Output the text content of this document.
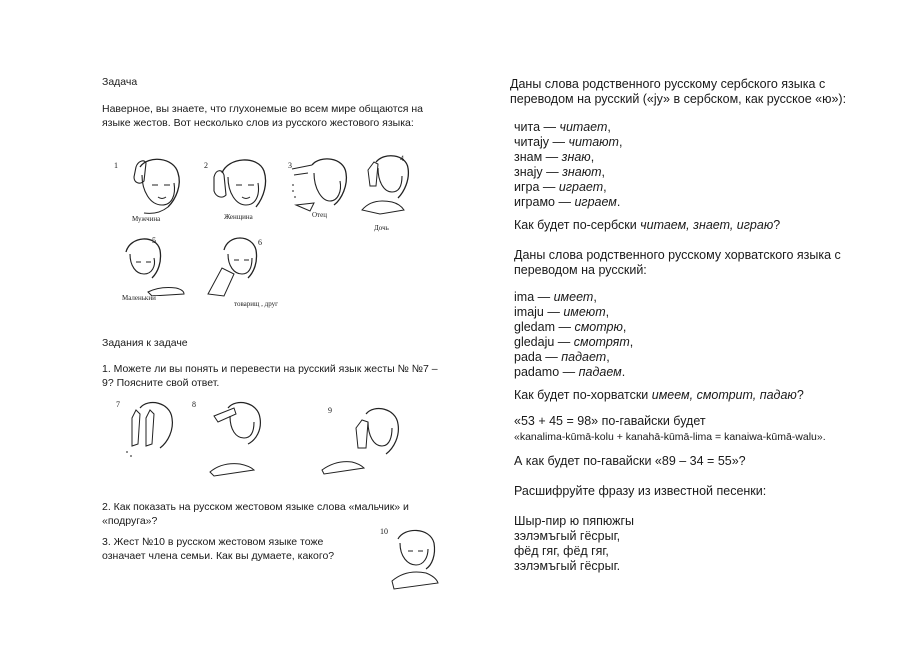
Задача
Наверное, вы знаете, что глухонемые во всем мире общаются на языке жестов. Вот несколько слов из русского жестового языка:
1
Мужчина
2
Женщина
3
Отец
4
Дочь
5
Маленький
6
товарищ , друг
Задания к задаче
1. Можете ли вы понять и перевести на русский язык жесты № №7 – 9? Поясните свой ответ.
7	8
9
2. Как показать на русском жестовом языке слова «мальчик» и «подруга»?
3. Жест №10 в русском жестовом языке тоже означает члена семьи. Как вы думаете, какого?
10
Даны слова родственного русскому сербского языка с переводом на русский («ју» в сербском, как русское «ю»):
чита — читает,
читају — читают,
знам — знаю,
знају — знают,
игра — играет,
играмо — играем.
Как будет по-сербски читаем, знает, играю?
Даны слова родственного русскому хорватского языка с переводом на русский:
ima — имеет,
imaju — имеют,
gledam — смотрю,
gledaju — смотрят,
pada — падает,
padamo — падаем.
Как будет по-хорватски имеем, смотрит, падаю?
«53 + 45 = 98» по-гавайски будет
«kanalima-kūmā-kolu + kanahā-kūmā-lima = kanaiwa-kūmā-walu».
А как будет по-гавайски «89 – 34 = 55»?
Расшифруйте фразу из известной песенки:
Шыр-пир ю пяпюжгы
зэлэмъгый гёсрыг,
фёд гяг, фёд гяг,
зэлэмъгый гёсрыг.
